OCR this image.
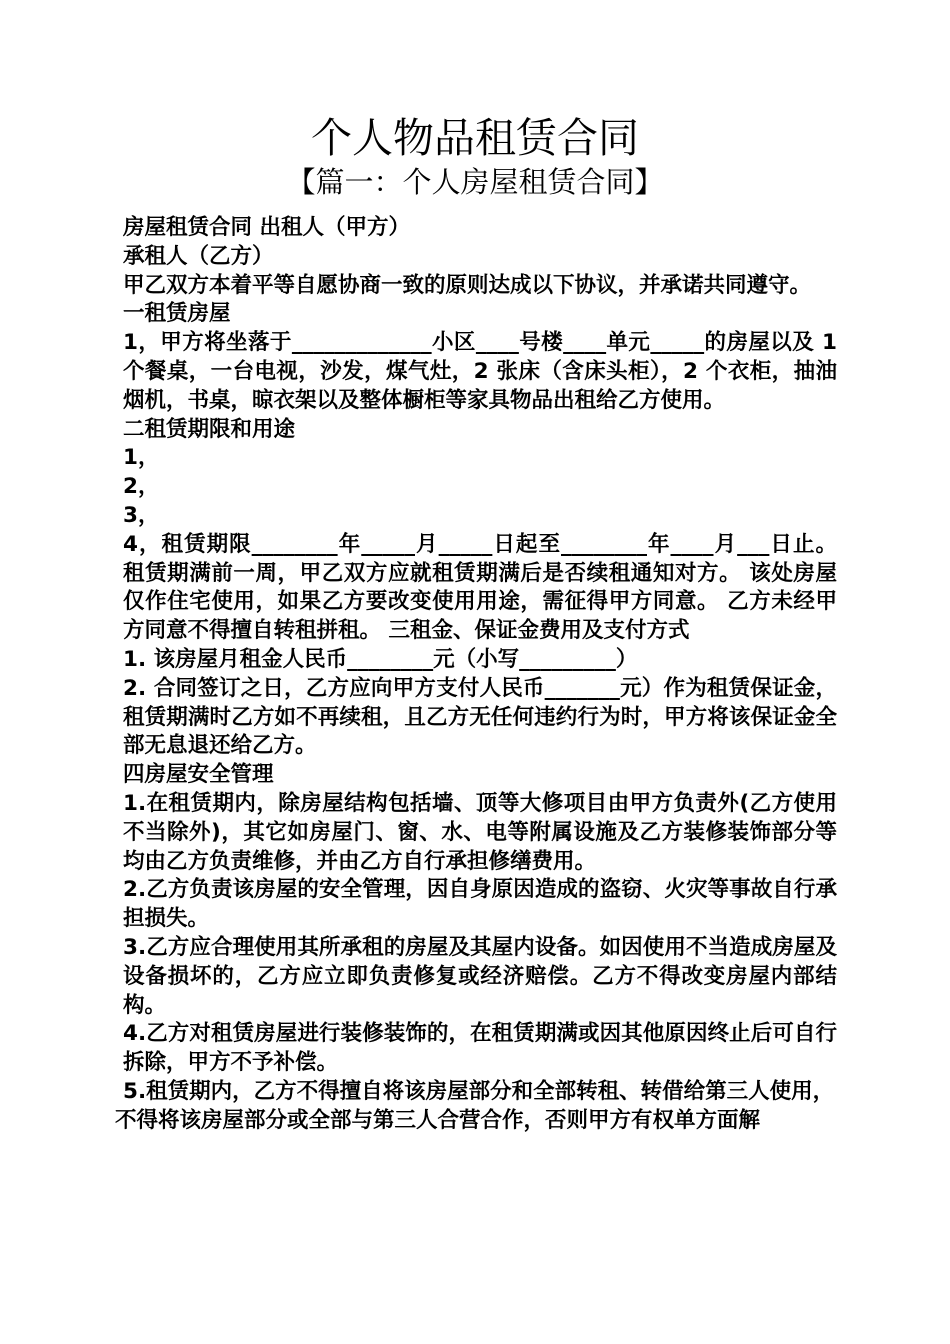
个人物品租赁合同
【篇一：个人房屋租赁合同】

房屋租赁合同 出租人（甲方）

承租人（乙方）

甲乙双方本着平等自愿协商一致的原则达成以下协议，并承诺共同遵守。

一租赁房屋

1，甲方将坐落于_____________小区____号楼____单元_____的房屋以及 1 个餐桌，一台电视，沙发，煤气灶，2 张床（含床头柜），2 个衣柜，抽油烟机，书桌，晾衣架以及整体橱柜等家具物品出租给乙方使用。

二租赁期限和用途

1，

2，

3，

4，租赁期限________年_____月_____日起至________年____月___日止。 租赁期满前一周，甲乙双方应就租赁期满后是否续租通知对方。 该处房屋仅作住宅使用，如果乙方要改变使用用途，需征得甲方同意。 乙方未经甲方同意不得擅自转租拼租。 三租金、保证金费用及支付方式

1. 该房屋月租金人民币________元（小写_________）

2. 合同签订之日，乙方应向甲方支付人民币_______元）作为租赁保证金，租赁期满时乙方如不再续租，且乙方无任何违约行为时，甲方将该保证金全部无息退还给乙方。

四房屋安全管理

1.在租赁期内，除房屋结构包括墙、顶等大修项目由甲方负责外(乙方使用不当除外)，其它如房屋门、窗、水、电等附属设施及乙方装修装饰部分等均由乙方负责维修，并由乙方自行承担修缮费用。

2.乙方负责该房屋的安全管理，因自身原因造成的盗窃、火灾等事故自行承担损失。

3.乙方应合理使用其所承租的房屋及其屋内设备。如因使用不当造成房屋及设备损坏的，乙方应立即负责修复或经济赔偿。乙方不得改变房屋内部结构。

4.乙方对租赁房屋进行装修装饰的，在租赁期满或因其他原因终止后可自行拆除，甲方不予补偿。

5.租赁期内，乙方不得擅自将该房屋部分和全部转租、转借给第三人使用，

不得将该房屋部分或全部与第三人合营合作，否则甲方有权单方面解
